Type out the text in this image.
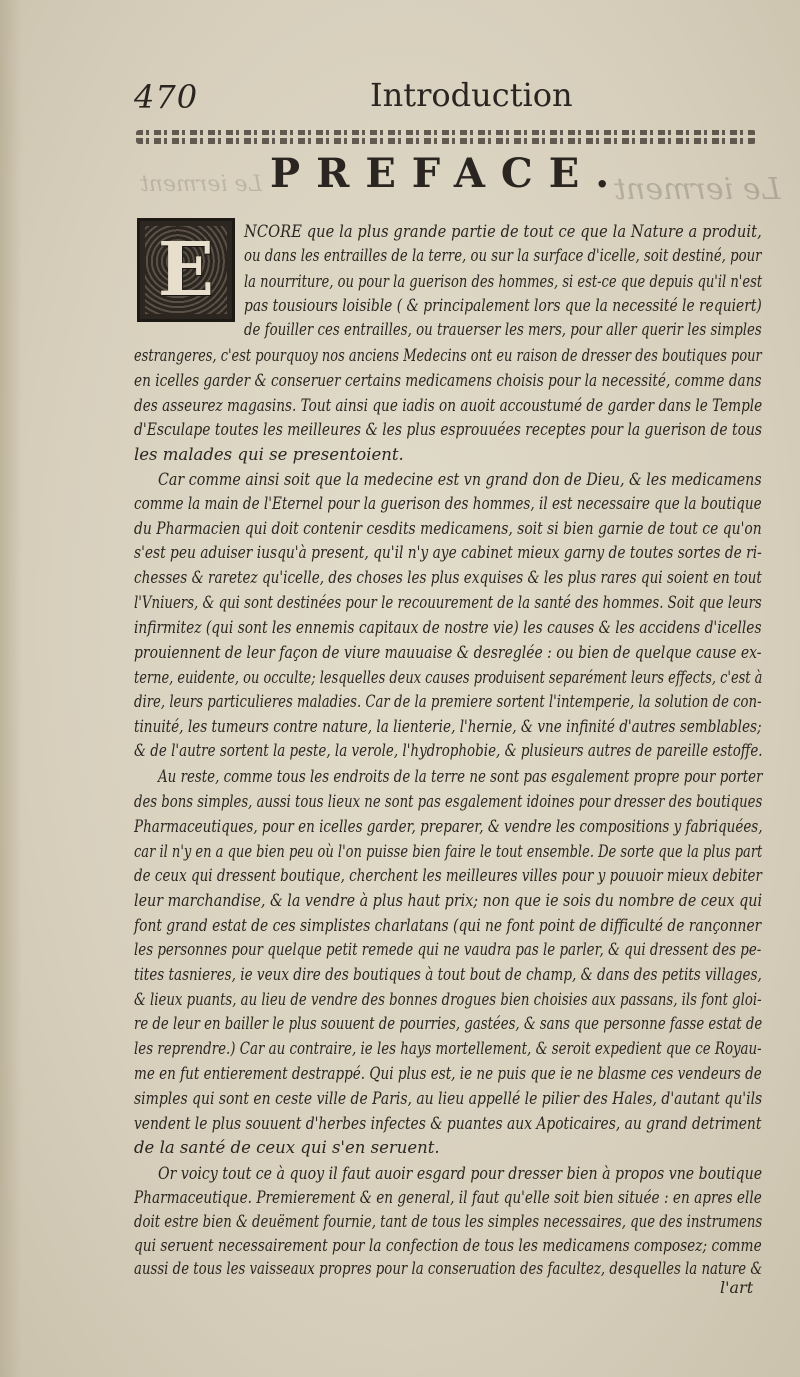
Le ierment	Le ierment
470	Introduction
PREFACE.
E NCORE que la plus grande partie de tout ce que la Nature a produit,
ou dans les entrailles de la terre, ou sur la surface d'icelle, soit destiné, pour
la nourriture, ou pour la guerison des hommes, si est-ce que depuis qu'il n'est
pas tousiours loisible ( & principalement lors que la necessité le requiert)
de fouiller ces entrailles, ou trauerser les mers, pour aller querir les simples
estrangeres, c'est pourquoy nos anciens Medecins ont eu raison de dresser des boutiques pour
en icelles garder & conseruer certains medicamens choisis pour la necessité, comme dans
des asseurez magasins. Tout ainsi que iadis on auoit accoustumé de garder dans le Temple
d'Esculape toutes les meilleures & les plus esprouuées receptes pour la guerison de tous
les malades qui se presentoient.
Car comme ainsi soit que la medecine est vn grand don de Dieu, & les medicamens
comme la main de l'Eternel pour la guerison des hommes, il est necessaire que la boutique
du Pharmacien qui doit contenir cesdits medicamens, soit si bien garnie de tout ce qu'on
s'est peu aduiser iusqu'à present, qu'il n'y aye cabinet mieux garny de toutes sortes de ri-
chesses & raretez qu'icelle, des choses les plus exquises & les plus rares qui soient en tout
l'Vniuers, & qui sont destinées pour le recouurement de la santé des hommes. Soit que leurs
infirmitez (qui sont les ennemis capitaux de nostre vie) les causes & les accidens d'icelles
prouiennent de leur façon de viure mauuaise & desreglée : ou bien de quelque cause ex-
terne, euidente, ou occulte; lesquelles deux causes produisent separément leurs effects, c'est à
dire, leurs particulieres maladies. Car de la premiere sortent l'intemperie, la solution de con-
tinuité, les tumeurs contre nature, la lienterie, l'hernie, & vne infinité d'autres semblables;
& de l'autre sortent la peste, la verole, l'hydrophobie, & plusieurs autres de pareille estoffe.
Au reste, comme tous les endroits de la terre ne sont pas esgalement propre pour porter
des bons simples, aussi tous lieux ne sont pas esgalement idoines pour dresser des boutiques
Pharmaceutiques, pour en icelles garder, preparer, & vendre les compositions y fabriquées,
car il n'y en a que bien peu où l'on puisse bien faire le tout ensemble. De sorte que la plus part
de ceux qui dressent boutique, cherchent les meilleures villes pour y pouuoir mieux debiter
leur marchandise, & la vendre à plus haut prix; non que ie sois du nombre de ceux qui
font grand estat de ces simplistes charlatans (qui ne font point de difficulté de rançonner
les personnes pour quelque petit remede qui ne vaudra pas le parler, & qui dressent des pe-
tites tasnieres, ie veux dire des boutiques à tout bout de champ, & dans des petits villages,
& lieux puants, au lieu de vendre des bonnes drogues bien choisies aux passans, ils font gloi-
re de leur en bailler le plus souuent de pourries, gastées, & sans que personne fasse estat de
les reprendre.) Car au contraire, ie les hays mortellement, & seroit expedient que ce Royau-
me en fut entierement destrappé. Qui plus est, ie ne puis que ie ne blasme ces vendeurs de
simples qui sont en ceste ville de Paris, au lieu appellé le pilier des Hales, d'autant qu'ils
vendent le plus souuent d'herbes infectes & puantes aux Apoticaires, au grand detriment
de la santé de ceux qui s'en seruent.
Or voicy tout ce à quoy il faut auoir esgard pour dresser bien à propos vne boutique
Pharmaceutique. Premierement & en general, il faut qu'elle soit bien située : en apres elle
doit estre bien & deuëment fournie, tant de tous les simples necessaires, que des instrumens
qui seruent necessairement pour la confection de tous les medicamens composez; comme
aussi de tous les vaisseaux propres pour la conseruation des facultez, desquelles la nature &
l'art
